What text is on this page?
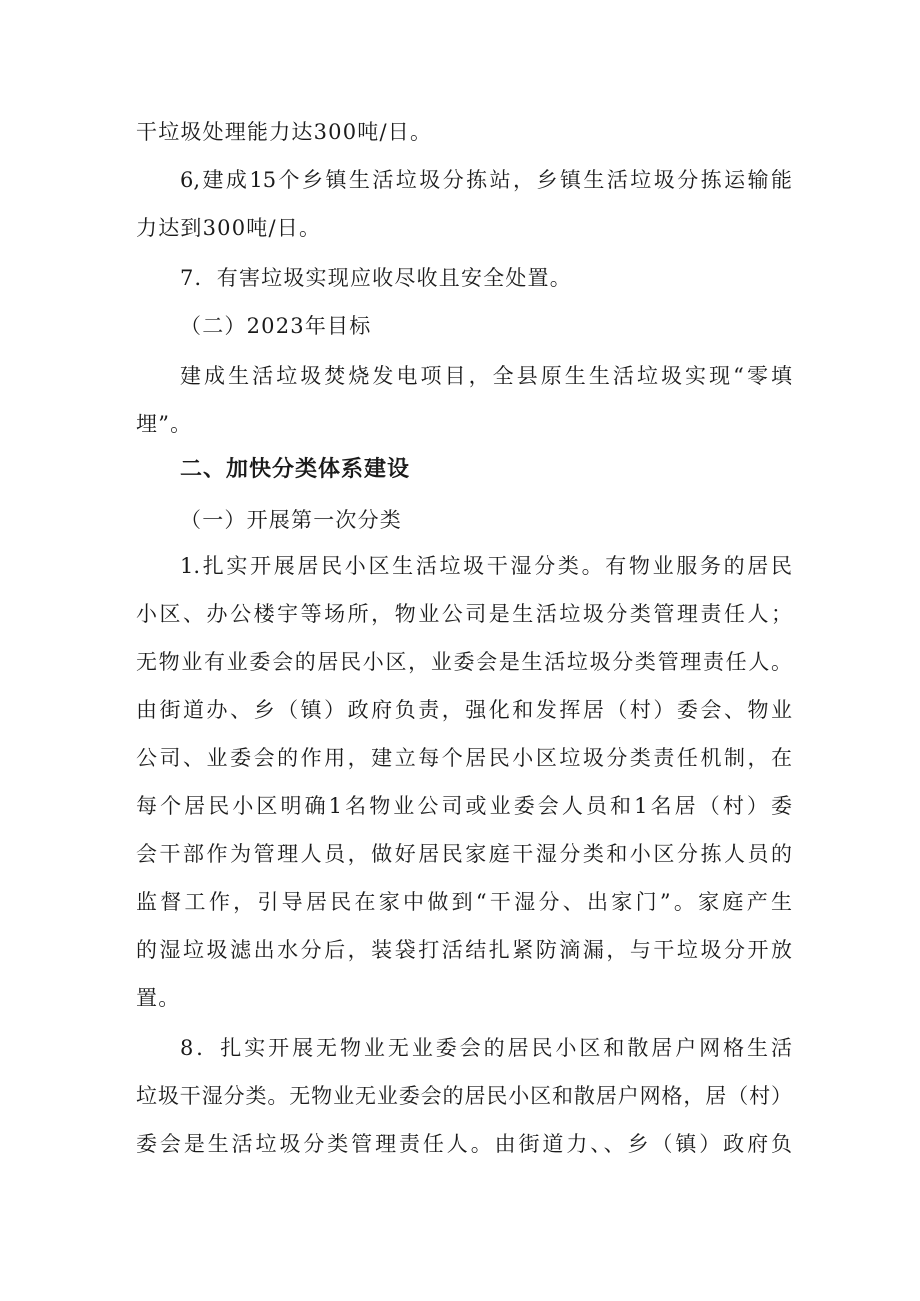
干垃圾处理能力达300吨/日。
6,建成15个乡镇生活垃圾分拣站，乡镇生活垃圾分拣运输能
力达到300吨/日。
7．有害垃圾实现应收尽收且安全处置。
（二）2023年目标
建成生活垃圾焚烧发电项目，全县原生生活垃圾实现“零填
埋”。
二、加快分类体系建设
（一）开展第一次分类
1.扎实开展居民小区生活垃圾干湿分类。有物业服务的居民
小区、办公楼宇等场所，物业公司是生活垃圾分类管理责任人；
无物业有业委会的居民小区，业委会是生活垃圾分类管理责任人。
由街道办、乡（镇）政府负责，强化和发挥居（村）委会、物业
公司、业委会的作用，建立每个居民小区垃圾分类责任机制，在
每个居民小区明确1名物业公司或业委会人员和1名居（村）委
会干部作为管理人员，做好居民家庭干湿分类和小区分拣人员的
监督工作，引导居民在家中做到“干湿分、出家门”。家庭产生
的湿垃圾滤出水分后，装袋打活结扎紧防滴漏，与干垃圾分开放
置。
8．扎实开展无物业无业委会的居民小区和散居户网格生活
垃圾干湿分类。无物业无业委会的居民小区和散居户网格，居（村）
委会是生活垃圾分类管理责任人。由街道力、、乡（镇）政府负
